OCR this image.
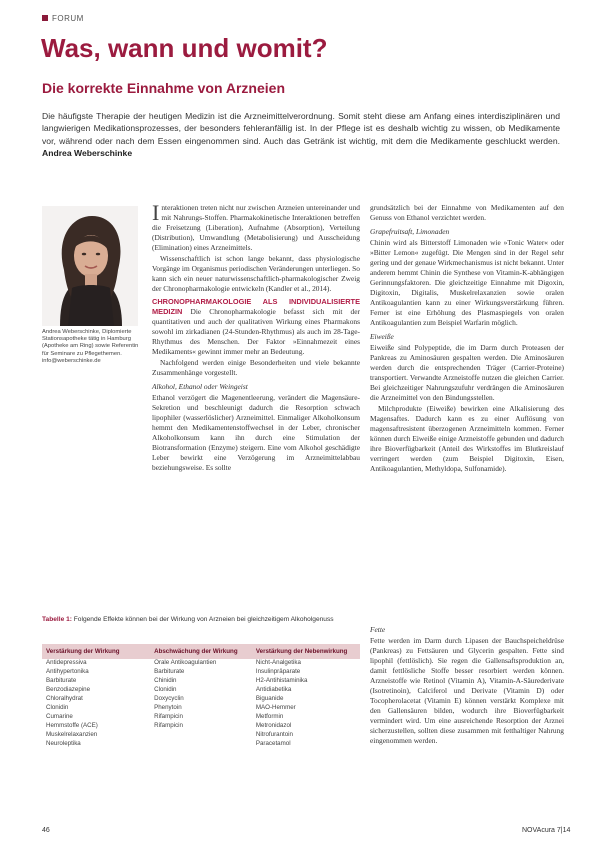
FORUM
Was, wann und womit?
Die korrekte Einnahme von Arzneien
Die häufigste Therapie der heutigen Medizin ist die Arzneimittelverordnung. Somit steht diese am Anfang eines interdisziplinären und langwierigen Medikationsprozesses, der besonders fehleranfällig ist. In der Pflege ist es deshalb wichtig zu wissen, ob Medikamente vor, während oder nach dem Essen eingenommen sind. Auch das Getränk ist wichtig, mit dem die Medikamente geschluckt werden. Andrea Weberschinke
Andrea Weberschinke, Diplomierte Stationsapotheke tätig in Hamburg (Apotheke am Ring) sowie Referentin für Seminare zu Pflegethemen. info@weberschinke.de

Interaktionen treten nicht nur zwischen Arzneien untereinander und mit Nahrungs-Stoffen. Pharmakokinetische Interaktionen betreffen die Freisetzung (Liberation), Aufnahme (Absorption), Verteilung (Distribution), Umwandlung (Metabolisierung) und Ausscheidung (Elimination) eines Arzneimittels.

Wissenschaftlich ist schon lange bekannt, dass physiologische Vorgänge im Organismus periodischen Veränderungen unterliegen. So kann sich ein neuer naturwissenschaftlich-pharmakologischer Zweig der Chronopharmakologie entwickeln (Kandler et al., 2014).

CHRONOPHARMAKOLOGIE ALS INDIVIDUALISIERTE MEDIZIN Die Chronopharmakologie befasst sich mit der quantitativen und auch der qualitativen Wirkung eines Pharmakons sowohl im zirkadianen (24-Stunden-Rhythmus) als auch im 28-Tage-Rhythmus des Menschen. Der Faktor »Einnahmezeit eines Medikaments« gewinnt immer mehr an Bedeutung.

Nachfolgend werden einige Besonderheiten und viele bekannte Zusammenhänge vorgestellt.

Alkohol, Ethanol oder Weingeist

Ethanol verzögert die Magenentleerung, verändert die Magensäure-Sekretion und beschleunigt dadurch die Resorption schwach lipophiler (wasserlöslicher) Arzneimittel. Einmaliger Alkoholkonsum hemmt den Medikamentenstoffwechsel in der Leber, chronischer Alkoholkonsum kann ihn durch eine Stimulation der Biotransformation (Enzyme) steigern. Eine vom Alkohol geschädigte Leber bewirkt eine Verzögerung im Arzneimittelabbau beziehungsweise. Es sollte

grundsätzlich bei der Einnahme von Medikamenten auf den Genuss von Ethanol verzichtet werden.

Grapefruitsaft, Limonaden

Chinin wird als Bitterstoff Limonaden wie »Tonic Water« oder »Bitter Lemon« zugefügt. Die Mengen sind in der Regel sehr gering und der genaue Wirkmechanismus ist nicht bekannt. Unter anderem hemmt Chinin die Synthese von Vitamin-K-abhängigen Gerinnungsfaktoren. Die gleichzeitige Einnahme mit Digoxin, Digitoxin, Digitalis, Muskelrelaxanzien sowie oralen Antikoagulantien kann zu einer Wirkungsverstärkung führen. Ferner ist eine Erhöhung des Plasmaspiegels von oralen Antikoagulantien zum Beispiel Warfarin möglich.

Eiweiße

Eiweiße sind Polypeptide, die im Darm durch Proteasen der Pankreas zu Aminosäuren gespalten werden. Die Aminosäuren werden durch die entsprechenden Träger (Carrier-Proteine) transportiert. Verwandte Arzneistoffe nutzen die gleichen Carrier. Bei gleichzeitiger Nahrungszufuhr verdrängen die Aminosäuren die Arzneimittel von den Bindungsstellen.

Milchprodukte (Eiweiße) bewirken eine Alkalisierung des Magensaftes. Dadurch kann es zu einer Auflösung von magensaftresistent überzogenen Arzneimitteln kommen. Ferner können durch Eiweiße einige Arzneistoffe gebunden und dadurch ihre Bioverfügbarkeit (Anteil des Wirkstoffes im Blutkreislauf verringert werden (zum Beispiel Digitoxin, Eisen, Antikoagulantien, Methyldopa, Sulfonamide).

Fette

Fette werden im Darm durch Lipasen der Bauchspeicheldrüse (Pankreas) zu Fettsäuren und Glycerin gespalten. Fette sind lipophil (fettlöslich). Sie regen die Gallensaftsproduktion an, damit fettlösliche Stoffe besser resorbiert werden können. Arzneistoffe wie Retinol (Vitamin A), Vitamin-A-Säurederivate (Isotretinoin), Calciferol und Derivate (Vitamin D) oder Tocopherolacetat (Vitamin E) können verstärkt Komplexe mit den Gallensäuren bilden, wodurch ihre Bioverfügbarkeit vermindert wird. Um eine ausreichende Resorption der Arznei sicherzustellen, sollten diese zusammen mit fetthaltiger Nahrung eingenommen werden.

Tabelle 1: Folgende Effekte können bei der Wirkung von Arzneien bei gleichzeitigem Alkoholgenuss
Verstärkung der Wirkung	Abschwächung der Wirkung	Verstärkung der Nebenwirkung
Antidepressiva	Orale Antikoagulantien	Nicht-Analgetika
Antihypertonika	Barbiturate	Insulinpräparate
Barbiturate	Chinidin	H2-Antihistaminika
Benzodiazepine	Clonidin	Antidiabetika
Chloralhydrat	Doxycyclin	Biguanide
Clonidin	Phenytoin	MAO-Hemmer
Cumarine	Rifampicin	Metformin
Hemmstoffe (ACE)	Rifampicin	Metronidazol
Muskelrelaxanzien		Nitrofurantoin
Neuroleptika		Paracetamol
46	NOVAcura 7|14
